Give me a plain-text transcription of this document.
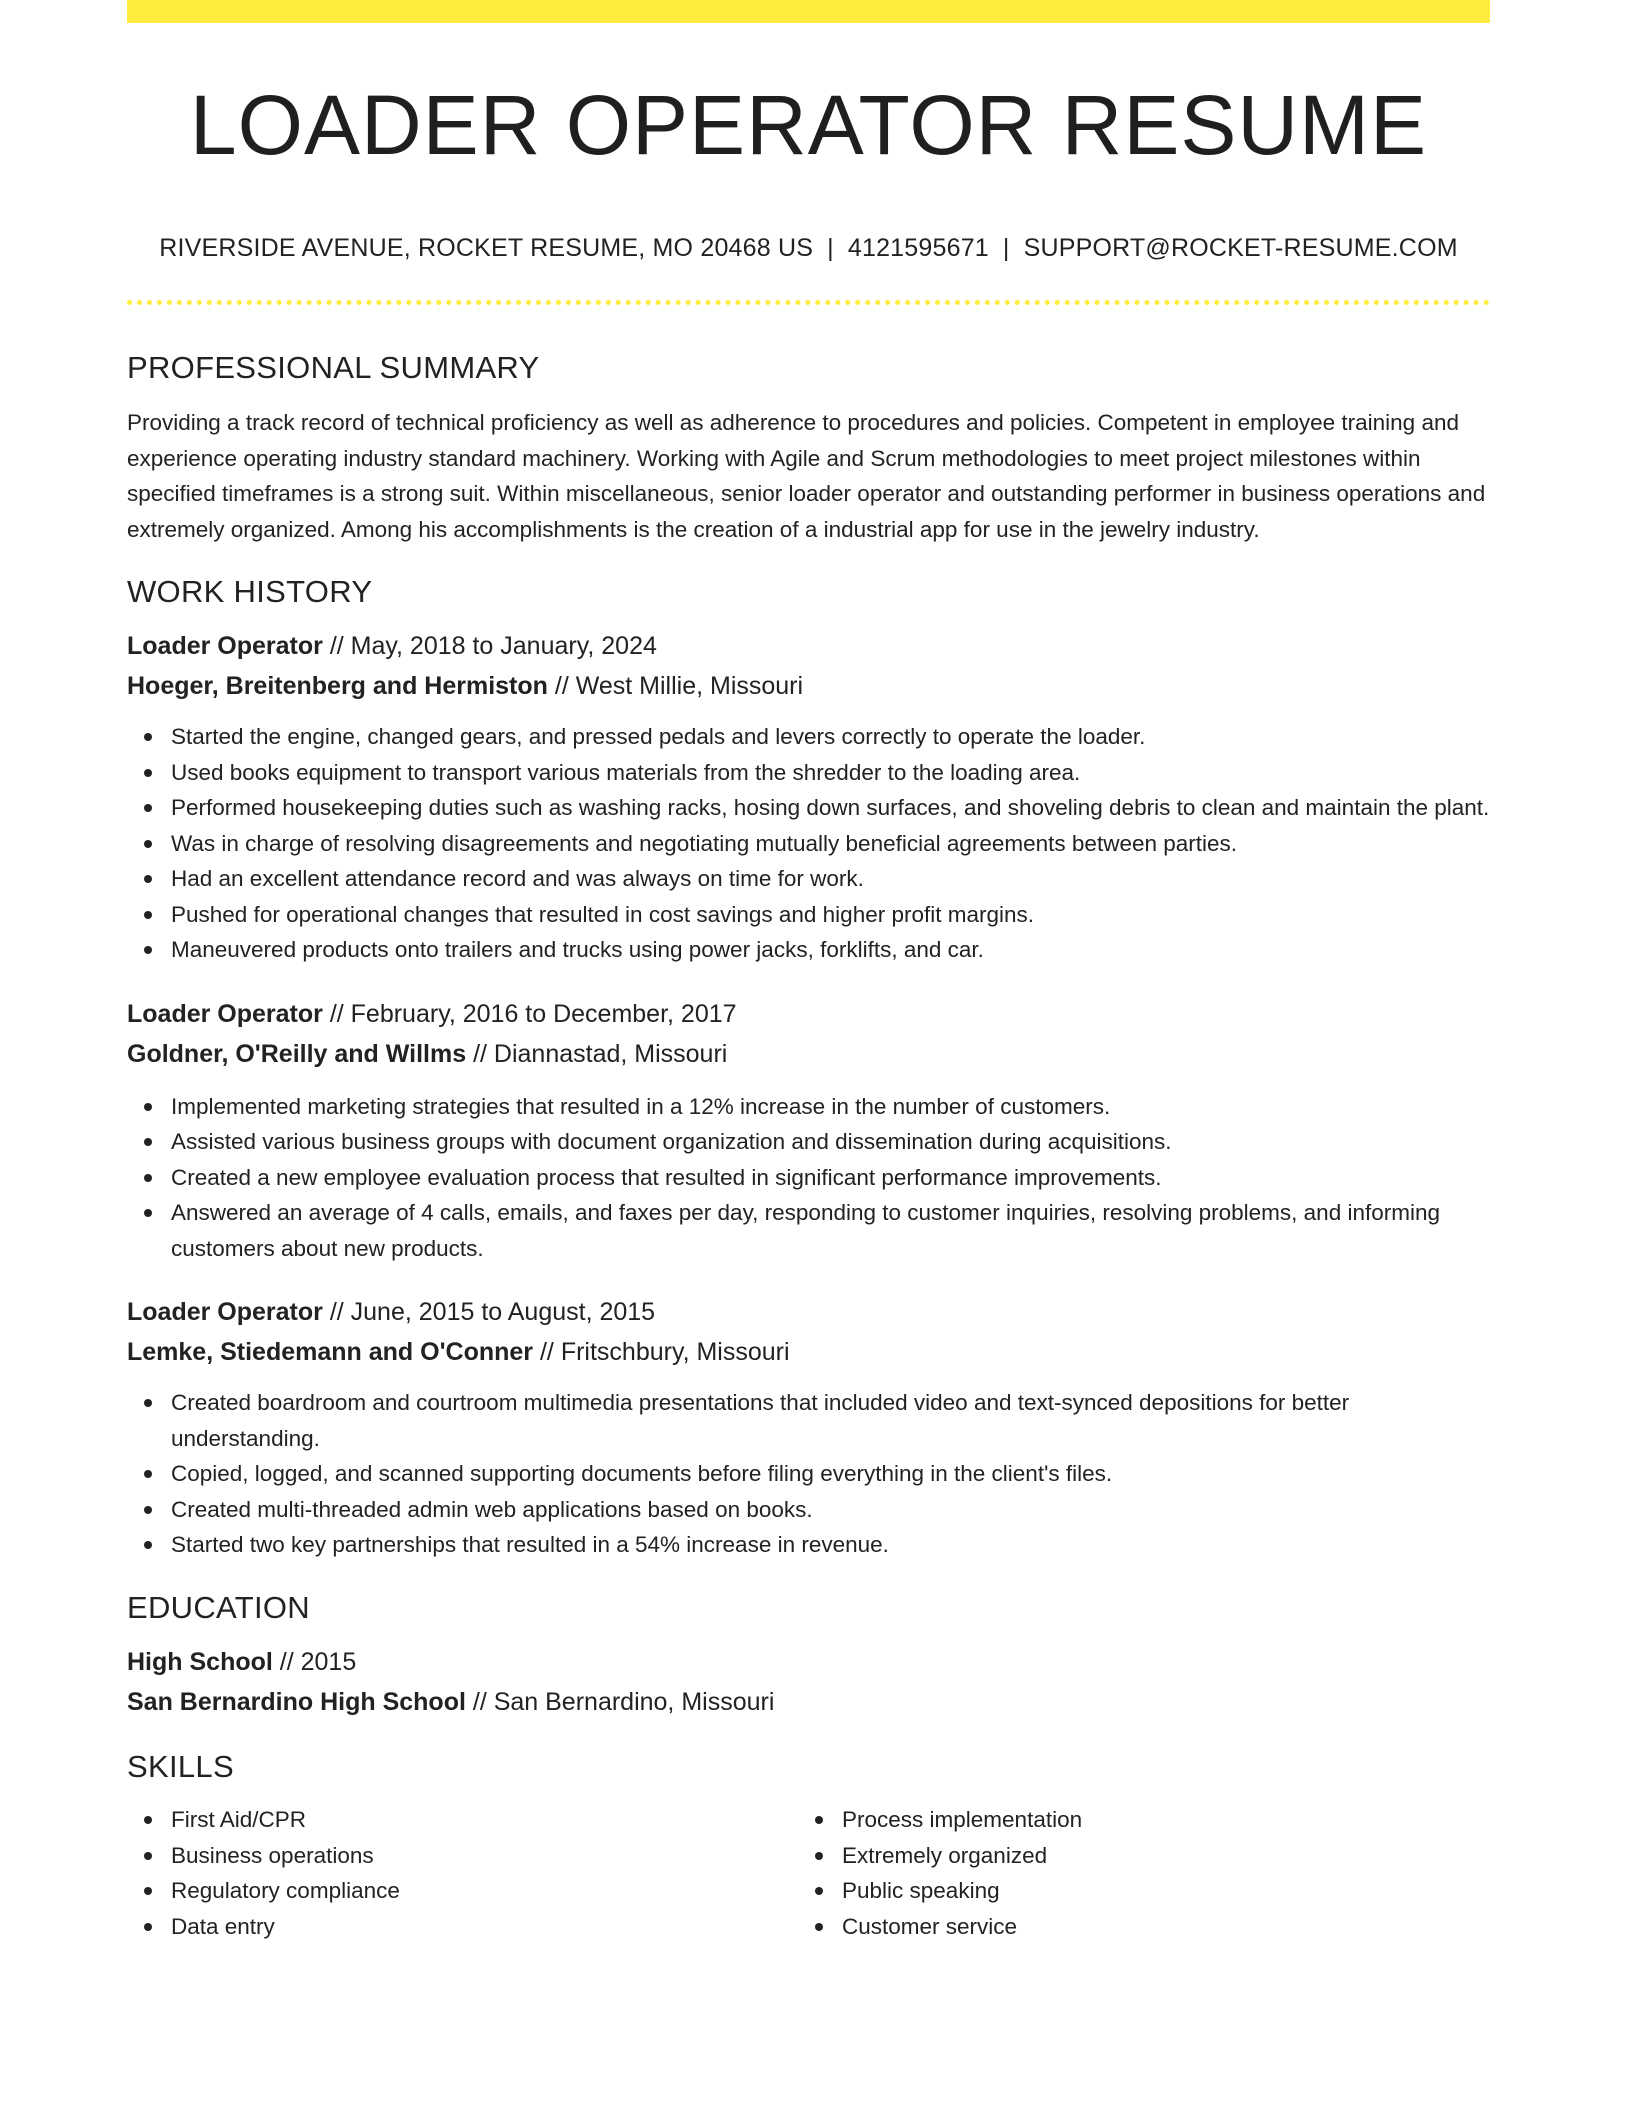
LOADER OPERATOR RESUME
RIVERSIDE AVENUE, ROCKET RESUME, MO 20468 US | 4121595671 | SUPPORT@ROCKET-RESUME.COM
PROFESSIONAL SUMMARY

Providing a track record of technical proficiency as well as adherence to procedures and policies. Competent in employee training and experience operating industry standard machinery. Working with Agile and Scrum methodologies to meet project milestones within specified timeframes is a strong suit. Within miscellaneous, senior loader operator and outstanding performer in business operations and extremely organized. Among his accomplishments is the creation of a industrial app for use in the jewelry industry.

WORK HISTORY
Loader Operator // May, 2018 to January, 2024
Hoeger, Breitenberg and Hermiston // West Millie, Missouri
Started the engine, changed gears, and pressed pedals and levers correctly to operate the loader.
Used books equipment to transport various materials from the shredder to the loading area.
Performed housekeeping duties such as washing racks, hosing down surfaces, and shoveling debris to clean and maintain the plant.
Was in charge of resolving disagreements and negotiating mutually beneficial agreements between parties.
Had an excellent attendance record and was always on time for work.
Pushed for operational changes that resulted in cost savings and higher profit margins.
Maneuvered products onto trailers and trucks using power jacks, forklifts, and car.
Loader Operator // February, 2016 to December, 2017
Goldner, O'Reilly and Willms // Diannastad, Missouri
Implemented marketing strategies that resulted in a 12% increase in the number of customers.
Assisted various business groups with document organization and dissemination during acquisitions.
Created a new employee evaluation process that resulted in significant performance improvements.
Answered an average of 4 calls, emails, and faxes per day, responding to customer inquiries, resolving problems, and informing customers about new products.
Loader Operator // June, 2015 to August, 2015
Lemke, Stiedemann and O'Conner // Fritschbury, Missouri
Created boardroom and courtroom multimedia presentations that included video and text-synced depositions for better understanding.
Copied, logged, and scanned supporting documents before filing everything in the client's files.
Created multi-threaded admin web applications based on books.
Started two key partnerships that resulted in a 54% increase in revenue.
EDUCATION
High School // 2015
San Bernardino High School // San Bernardino, Missouri
SKILLS
First Aid/CPR
Business operations
Regulatory compliance
Data entry
Process implementation
Extremely organized
Public speaking
Customer service
